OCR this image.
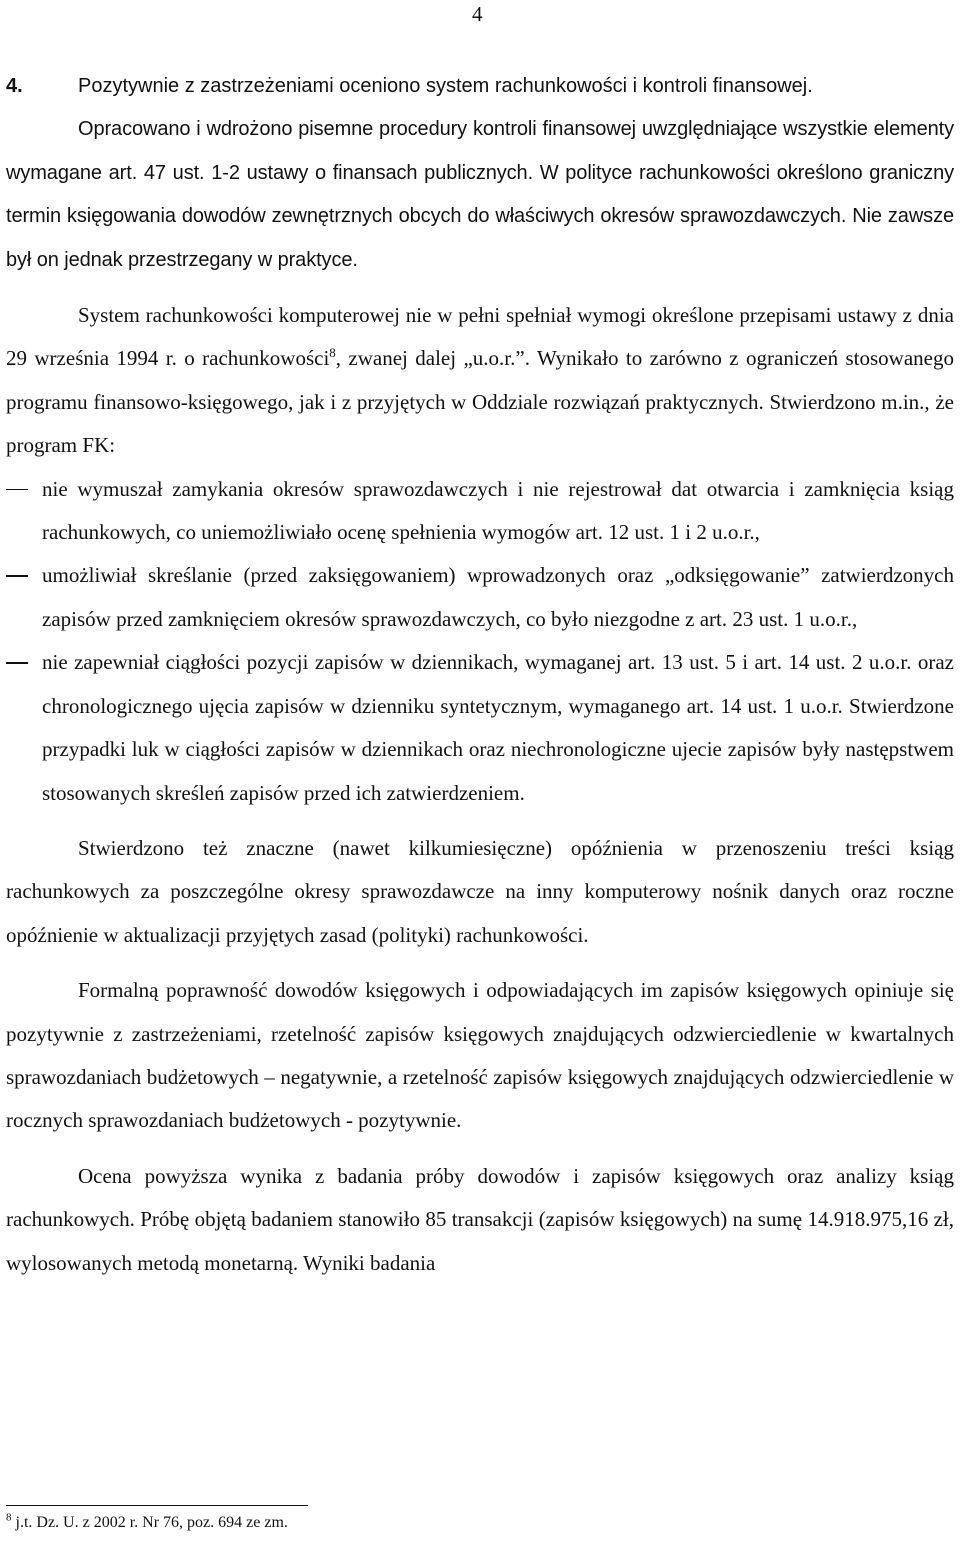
4

4.	Pozytywnie z zastrzeżeniami oceniono system rachunkowości i kontroli finansowej.

Opracowano i wdrożono pisemne procedury kontroli finansowej uwzględniające wszystkie elementy wymagane art. 47 ust. 1-2 ustawy o finansach publicznych. W polityce rachunkowości określono graniczny termin księgowania dowodów zewnętrznych obcych do właściwych okresów sprawozdawczych. Nie zawsze był on jednak przestrzegany w praktyce.

System rachunkowości komputerowej nie w pełni spełniał wymogi określone przepisami ustawy z dnia 29 września 1994 r. o rachunkowości$^8$, zwanej dalej „u.o.r.”. Wynikało to zarówno z ograniczeń stosowanego programu finansowo-księgowego, jak i z przyjętych w Oddziale rozwiązań praktycznych. Stwierdzono m.in., że program FK:

nie wymuszał zamykania okresów sprawozdawczych i nie rejestrował dat otwarcia i zamknięcia ksiąg rachunkowych, co uniemożliwiało ocenę spełnienia wymogów art. 12 ust. 1 i 2 u.o.r.,
umożliwiał skreślanie (przed zaksięgowaniem) wprowadzonych oraz „odksięgowanie” zatwierdzonych zapisów przed zamknięciem okresów sprawozdawczych, co było niezgodne z art. 23 ust. 1 u.o.r.,
nie zapewniał ciągłości pozycji zapisów w dziennikach, wymaganej art. 13 ust. 5 i art. 14 ust. 2 u.o.r. oraz chronologicznego ujęcia zapisów w dzienniku syntetycznym, wymaganego art. 14 ust. 1 u.o.r. Stwierdzone przypadki luk w ciągłości zapisów w dziennikach oraz niechronologiczne ujecie zapisów były następstwem stosowanych skreśleń zapisów przed ich zatwierdzeniem.

Stwierdzono też znaczne (nawet kilkumiesięczne) opóźnienia w przenoszeniu treści ksiąg rachunkowych za poszczególne okresy sprawozdawcze na inny komputerowy nośnik danych oraz roczne opóźnienie w aktualizacji przyjętych zasad (polityki) rachunkowości.

Formalną poprawność dowodów księgowych i odpowiadających im zapisów księgowych opiniuje się pozytywnie z zastrzeżeniami, rzetelność zapisów księgowych znajdujących odzwierciedlenie w kwartalnych sprawozdaniach budżetowych – negatywnie, a rzetelność zapisów księgowych znajdujących odzwierciedlenie w rocznych sprawozdaniach budżetowych - pozytywnie.

Ocena powyższa wynika z badania próby dowodów i zapisów księgowych oraz analizy ksiąg rachunkowych. Próbę objętą badaniem stanowiło 85 transakcji (zapisów księgowych) na sumę 14.918.975,16 zł, wylosowanych metodą monetarną. Wyniki badania

$^8$ j.t. Dz. U. z 2002 r. Nr 76, poz. 694 ze zm.
